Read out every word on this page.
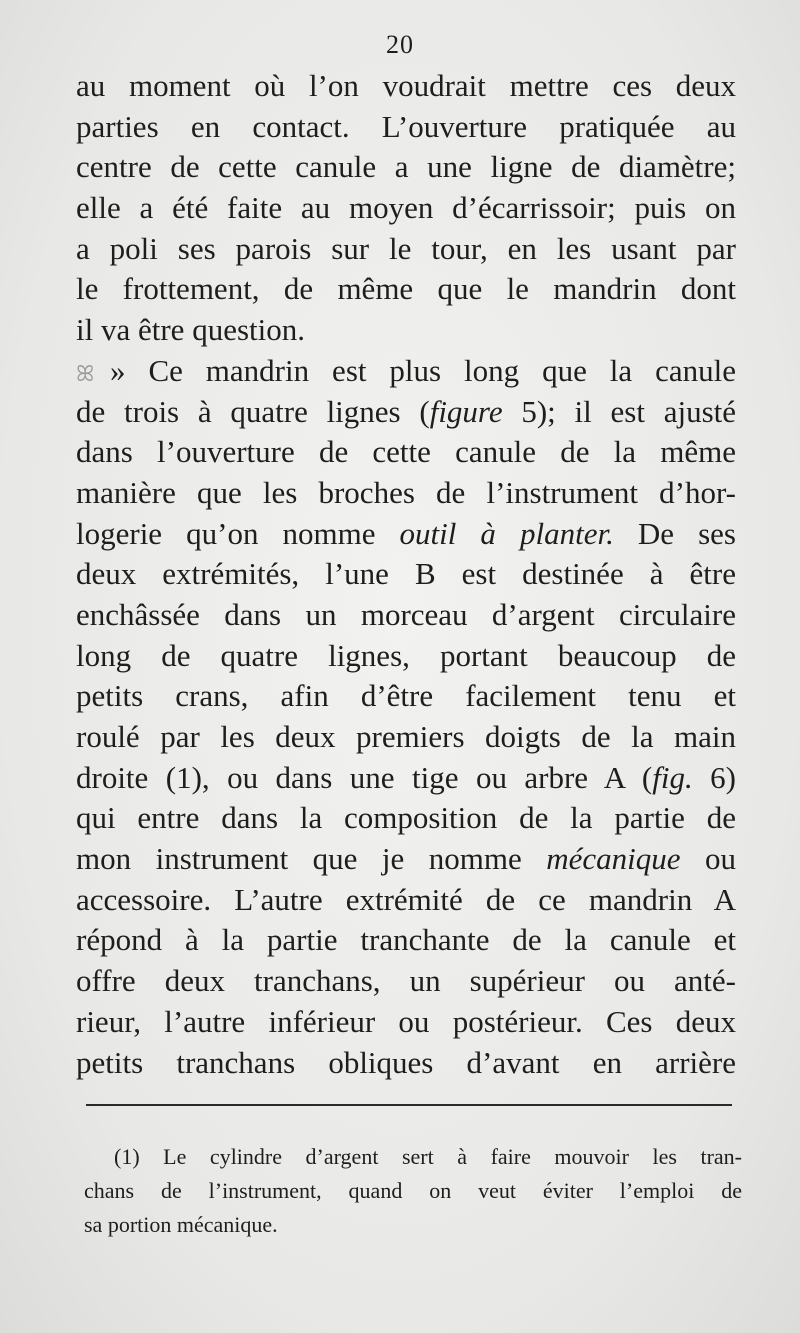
20
au moment où l’on voudrait mettre ces deux
parties en contact. L’ouverture pratiquée au
centre de cette canule a une ligne de diamètre;
elle a été faite au moyen d’écarrissoir; puis on
a poli ses parois sur le tour, en les usant par
le frottement, de même que le mandrin dont
il va être question.
ꕤ » Ce mandrin est plus long que la canule
de trois à quatre lignes (figure 5); il est ajusté
dans l’ouverture de cette canule de la même
manière que les broches de l’instrument d’hor-
logerie qu’on nomme outil à planter. De ses
deux extrémités, l’une B est destinée à être
enchâssée dans un morceau d’argent circulaire
long de quatre lignes, portant beaucoup de
petits crans, afin d’être facilement tenu et
roulé par les deux premiers doigts de la main
droite (1), ou dans une tige ou arbre A (fig. 6)
qui entre dans la composition de la partie de
mon instrument que je nomme mécanique ou
accessoire. L’autre extrémité de ce mandrin A
répond à la partie tranchante de la canule et
offre deux tranchans, un supérieur ou anté-
rieur, l’autre inférieur ou postérieur. Ces deux
petits tranchans obliques d’avant en arrière
(1) Le cylindre d’argent sert à faire mouvoir les tran-
chans de l’instrument, quand on veut éviter l’emploi de
sa portion mécanique.
